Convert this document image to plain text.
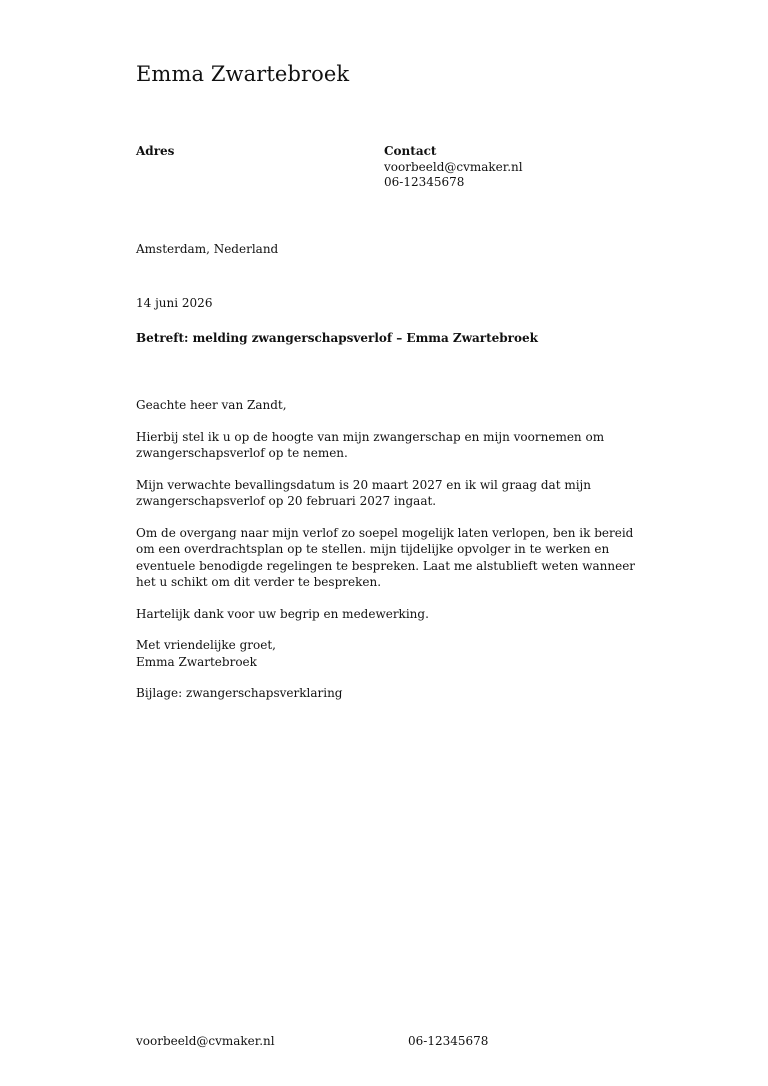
Emma Zwartebroek
Adres	Contact
voorbeeld@cvmaker.nl
06-12345678
Amsterdam, Nederland
14 juni 2026
Betreft: melding zwangerschapsverlof – Emma Zwartebroek

Geachte heer van Zandt,

Hierbij stel ik u op de hoogte van mijn zwangerschap en mijn voornemen om zwangerschapsverlof op te nemen.

Mijn verwachte bevallingsdatum is 20 maart 2027 en ik wil graag dat mijn zwangerschapsverlof op 20 februari 2027 ingaat.

Om de overgang naar mijn verlof zo soepel mogelijk laten verlopen, ben ik bereid om een overdrachtsplan op te stellen. mijn tijdelijke opvolger in te werken en eventuele benodigde regelingen te bespreken. Laat me alstublieft weten wanneer het u schikt om dit verder te bespreken.

Hartelijk dank voor uw begrip en medewerking.

Met vriendelijke groet,

Emma Zwartebroek

Bijlage: zwangerschapsverklaring

voorbeeld@cvmaker.nl	06-12345678
